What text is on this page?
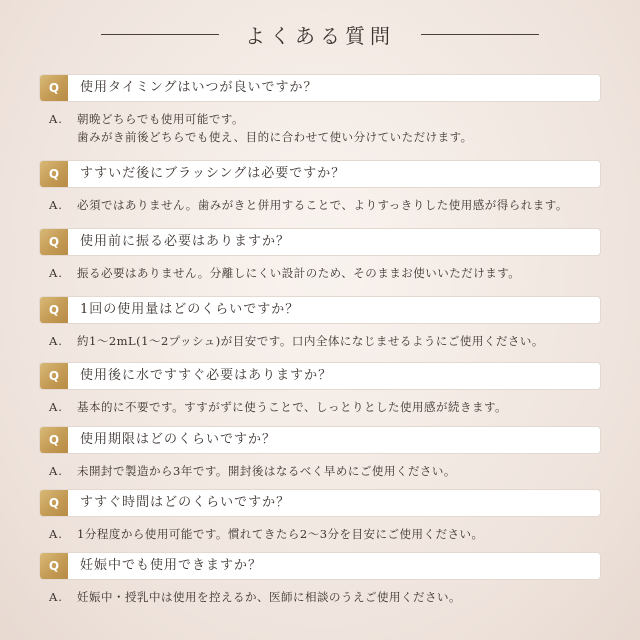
よくある質問
Q	使用タイミングはいつが良いですか？
A.	朝晩どちらでも使用可能です。
歯みがき前後どちらでも使え、目的に合わせて使い分けていただけます。
Q	すすいだ後にブラッシングは必要ですか？
A.	必須ではありません。歯みがきと併用することで、よりすっきりした使用感が得られます。
Q	使用前に振る必要はありますか？
A.	振る必要はありません。分離しにくい設計のため、そのままお使いいただけます。
Q	1回の使用量はどのくらいですか？
A.	約1～2mL(1～2プッシュ)が目安です。口内全体になじませるようにご使用ください。
Q	使用後に水ですすぐ必要はありますか？
A.	基本的に不要です。すすがずに使うことで、しっとりとした使用感が続きます。
Q	使用期限はどのくらいですか？
A.	未開封で製造から3年です。開封後はなるべく早めにご使用ください。
Q	すすぐ時間はどのくらいですか？
A.	1分程度から使用可能です。慣れてきたら2～3分を目安にご使用ください。
Q	妊娠中でも使用できますか？
A.	妊娠中・授乳中は使用を控えるか、医師に相談のうえご使用ください。
